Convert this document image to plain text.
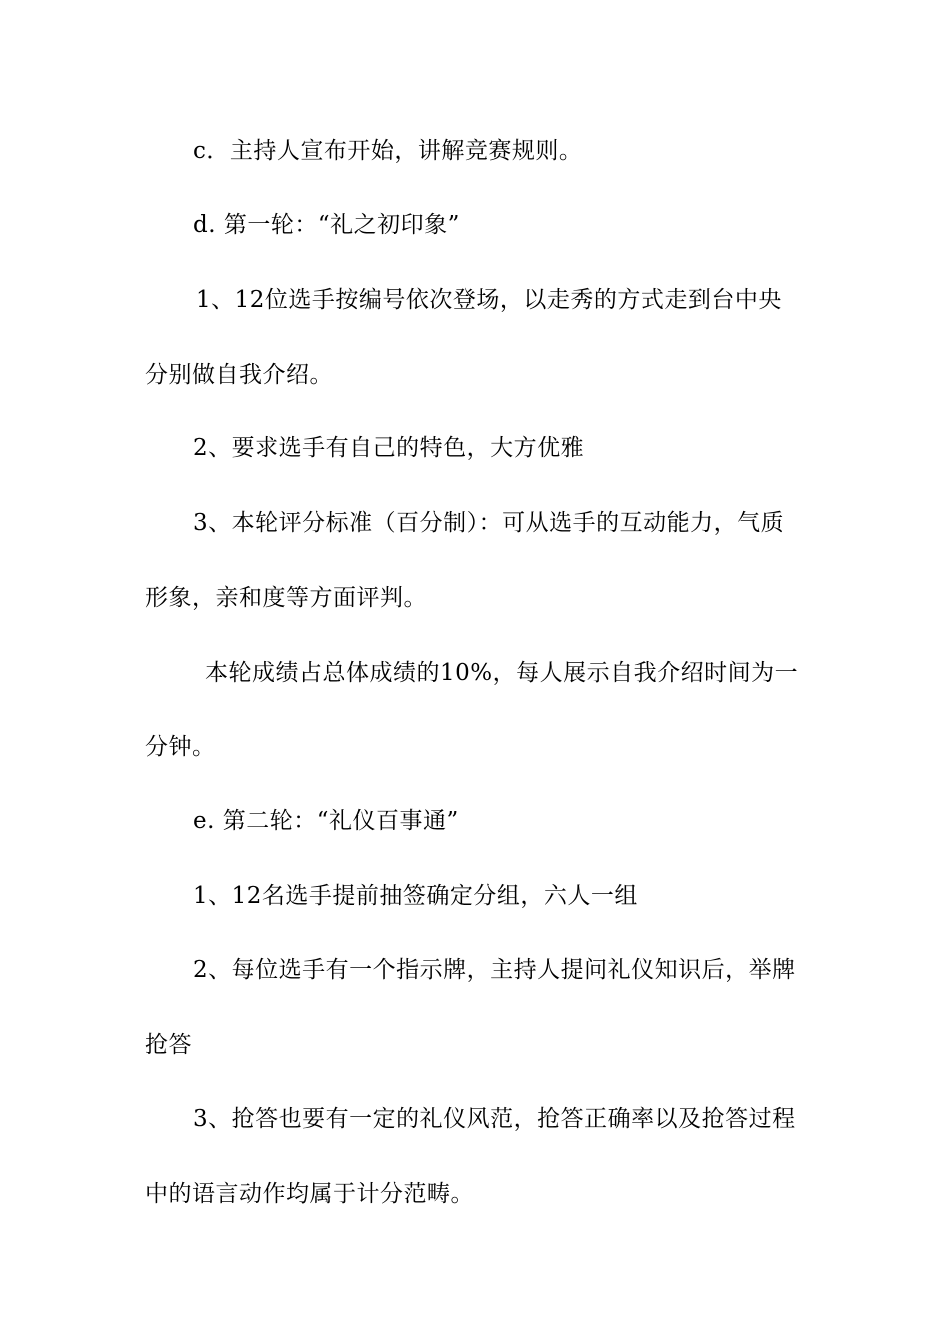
c．主持人宣布开始，讲解竞赛规则。
d. 第一轮：“礼之初印象”
1、12位选手按编号依次登场，以走秀的方式走到台中央
分别做自我介绍。
2、要求选手有自己的特色，大方优雅
3、本轮评分标准（百分制）：可从选手的互动能力，气质
形象，亲和度等方面评判。
本轮成绩占总体成绩的10%，每人展示自我介绍时间为一
分钟。
e. 第二轮：“礼仪百事通”
1、12名选手提前抽签确定分组，六人一组
2、每位选手有一个指示牌，主持人提问礼仪知识后，举牌
抢答
3、抢答也要有一定的礼仪风范，抢答正确率以及抢答过程
中的语言动作均属于计分范畴。
